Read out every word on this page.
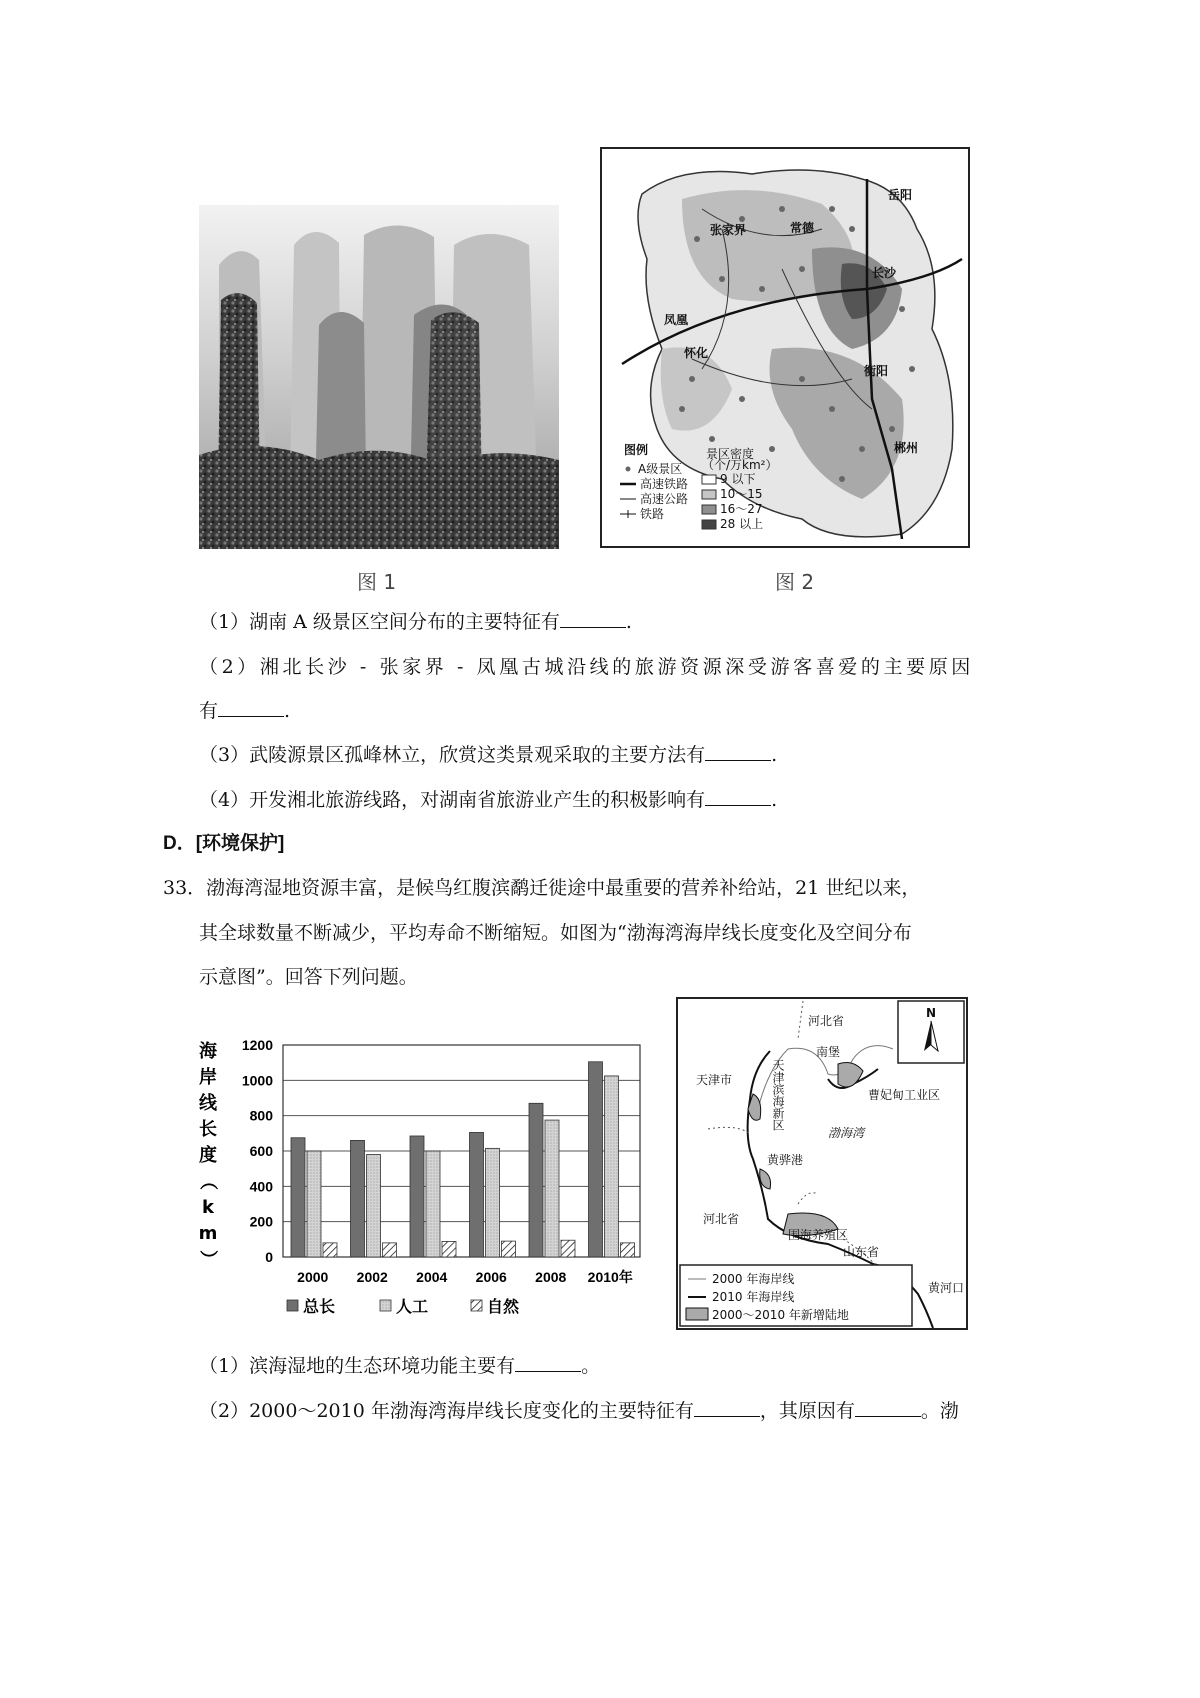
图 1
岳阳
张家界	常德
长沙
凤凰
怀化
衡阳
郴州
图例
A级景区
高速铁路
高速公路
铁路
景区密度
（个/万km²）
9 以下
10～15
16～27
28 以上
图 2
（1）湖南 A 级景区空间分布的主要特征有	.
（2）湘北长沙 - 张家界 - 凤凰古城沿线的旅游资源深受游客喜爱的主要原因
有	.
（3）武陵源景区孤峰林立，欣赏这类景观采取的主要方法有	.
（4）开发湘北旅游线路，对湖南省旅游业产生的积极影响有	.
D．[环境保护]
33．渤海湾湿地资源丰富，是候鸟红腹滨鹬迁徙途中最重要的营养补给站，21 世纪以来，
其全球数量不断减少，平均寿命不断缩短。如图为“渤海湾海岸线长度变化及空间分布
示意图”。回答下列问题。
海
岸
线
长
度
（
k
m
）	0
200
400
600
800
1000
1200
2000 2002 2004 2006 2008 2010年
总长	人工	自然
N
河北省
天津市
南堡
曹妃甸工业区
天津滨海新区
渤海湾
黄骅港
河北省
围海养殖区
山东省
黄河口
2000 年海岸线
2010 年海岸线
2000～2010 年新增陆地
（1）滨海湿地的生态环境功能主要有	。
（2）2000～2010 年渤海湾海岸线长度变化的主要特征有	，其原因有	。渤
